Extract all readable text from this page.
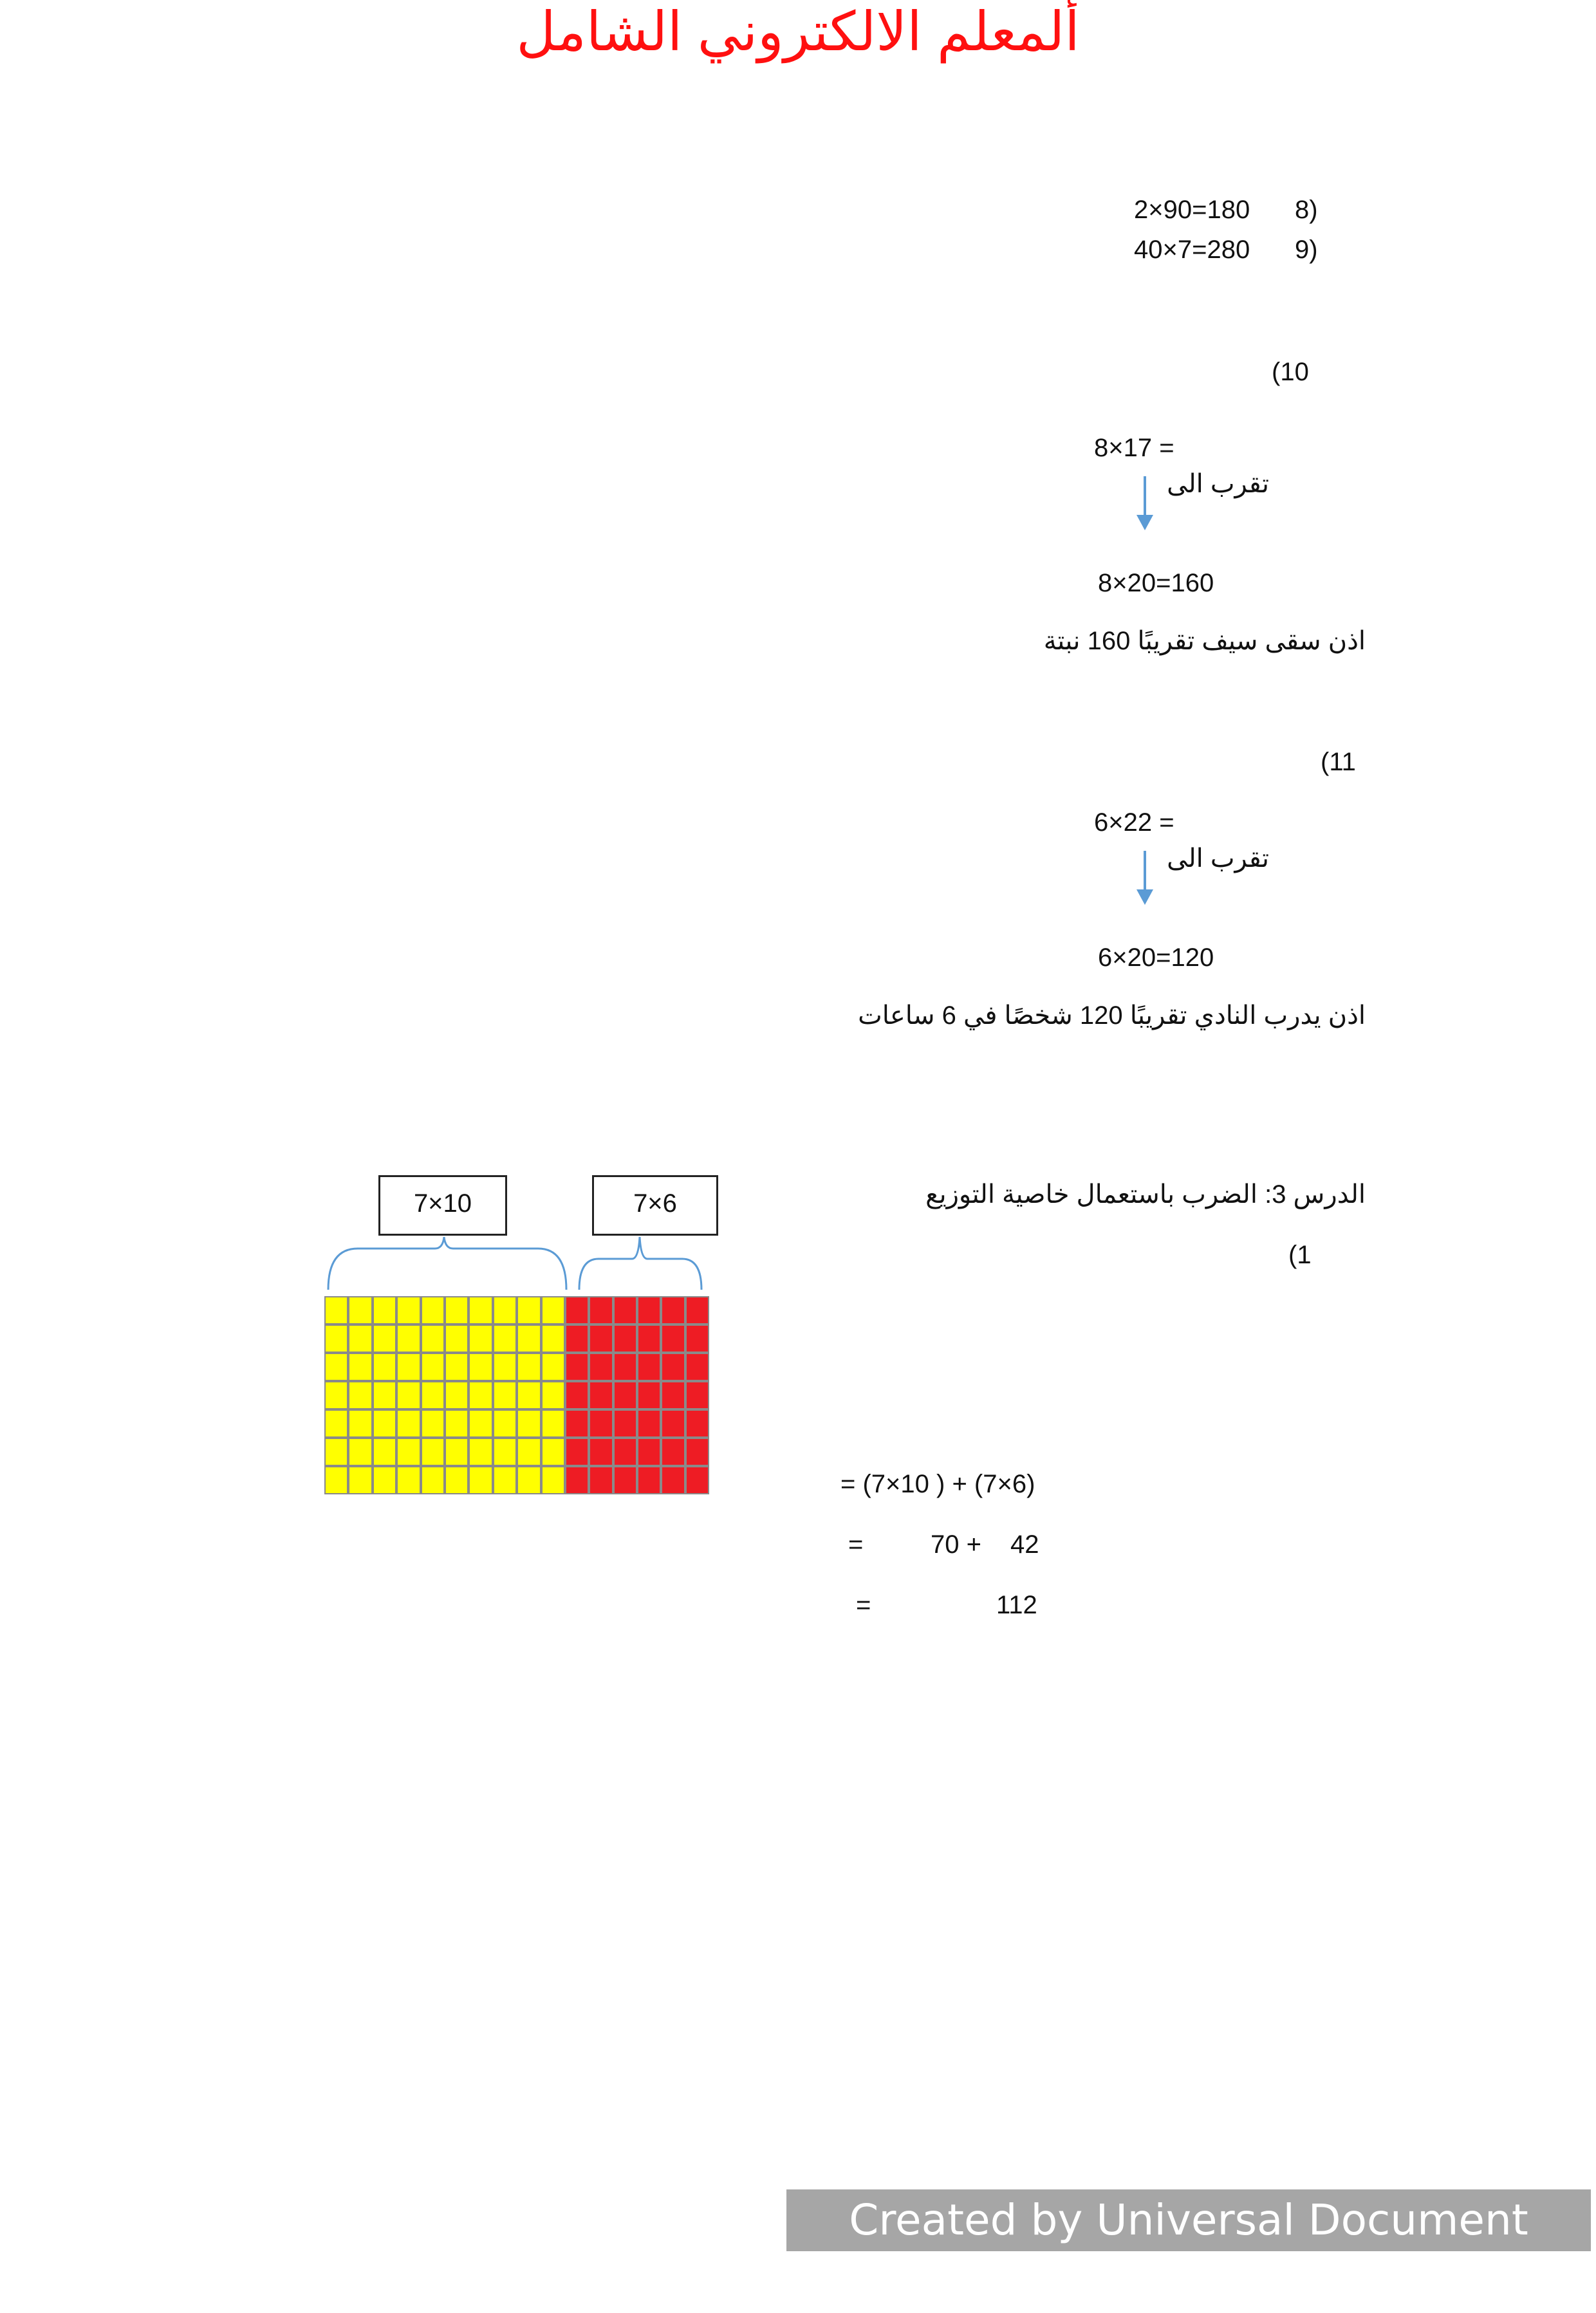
ألمعلم الالكتروني الشامل
2×90=180 8)
40×7=280 9)
(10
8×17 =
تقرب الى
8×20=160
اذن سقى سيف تقريبًا 160 نبتة
(11
6×22 =
تقرب الى
6×20=120
اذن يدرب النادي تقريبًا 120 شخصًا في 6 ساعات
الدرس 3: الضرب باستعمال خاصية التوزيع
(1
7×10	7×6
= (7×10 ) + (7×6)
=	70 + 42
=	112
Created by Universal Document Converter
